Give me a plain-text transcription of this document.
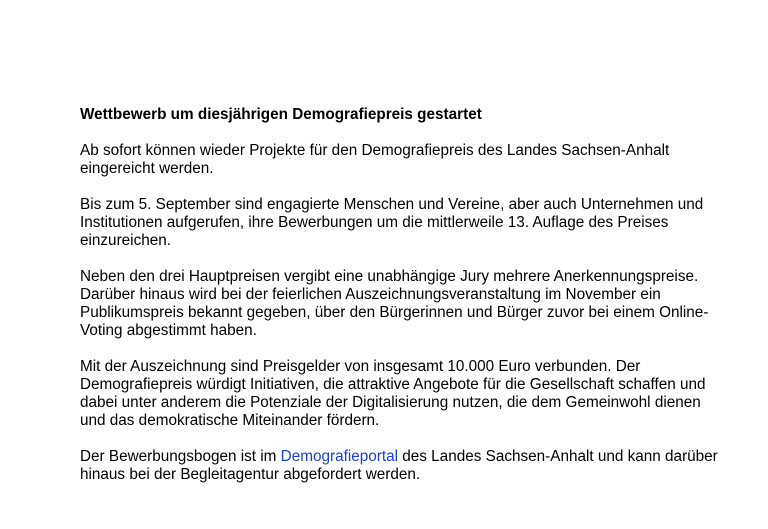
Wettbewerb um diesjährigen Demografiepreis gestartet

Ab sofort können wieder Projekte für den Demografiepreis des Landes Sachsen-Anhalt eingereicht werden.

Bis zum 5. September sind engagierte Menschen und Vereine, aber auch Unternehmen und Institutionen aufgerufen, ihre Bewerbungen um die mittlerweile 13. Auflage des Preises einzureichen.

Neben den drei Hauptpreisen vergibt eine unabhängige Jury mehrere Anerkennungspreise. Darüber hinaus wird bei der feierlichen Auszeichnungsveranstaltung im November ein Publikumspreis bekannt gegeben, über den Bürgerinnen und Bürger zuvor bei einem Online-Voting abgestimmt haben.

Mit der Auszeichnung sind Preisgelder von insgesamt 10.000 Euro verbunden. Der Demografiepreis würdigt Initiativen, die attraktive Angebote für die Gesellschaft schaffen und dabei unter anderem die Potenziale der Digitalisierung nutzen, die dem Gemeinwohl dienen und das demokratische Miteinander fördern.

Der Bewerbungsbogen ist im Demografieportal des Landes Sachsen-Anhalt und kann darüber hinaus bei der Begleitagentur abgefordert werden.
